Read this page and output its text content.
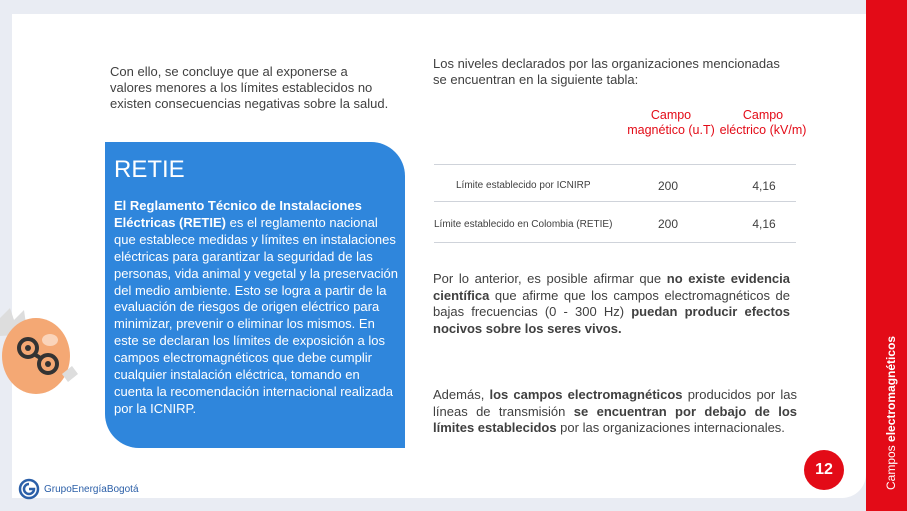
Campos electromagnéticos
Con ello, se concluye que al exponerse a valores menores a los límites establecidos no existen consecuencias negativas sobre la salud.
RETIE
El Reglamento Técnico de Instalaciones Eléctricas (RETIE) es el reglamento nacional que establece medidas y límites en instalaciones eléctricas para garantizar la seguridad de las personas, vida animal y vegetal y la preservación del medio ambiente. Esto se logra a partir de la evaluación de riesgos de origen eléctrico para minimizar, prevenir o eliminar los mismos. En este se declaran los límites de exposición a los campos electromagnéticos que debe cumplir cualquier instalación eléctrica, tomando en cuenta la recomendación internacional realizada por la ICNIRP.
Los niveles declarados por las organizaciones mencionadas se encuentran en la siguiente tabla:
Campo magnético (u.T)
Campo eléctrico (kV/m)
Límite establecido por ICNIRP	200	4,16
Límite establecido en Colombia (RETIE)	200	4,16
Por lo anterior, es posible afirmar que no existe evidencia científica que afirme que los campos electromagnéticos de bajas frecuencias (0 - 300 Hz) puedan producir efectos nocivos sobre los seres vivos.
Además, los campos electromagnéticos producidos por las líneas de transmisión se encuentran por debajo de los límites establecidos por las organizaciones internacionales.
12
GrupoEnergíaBogotá
